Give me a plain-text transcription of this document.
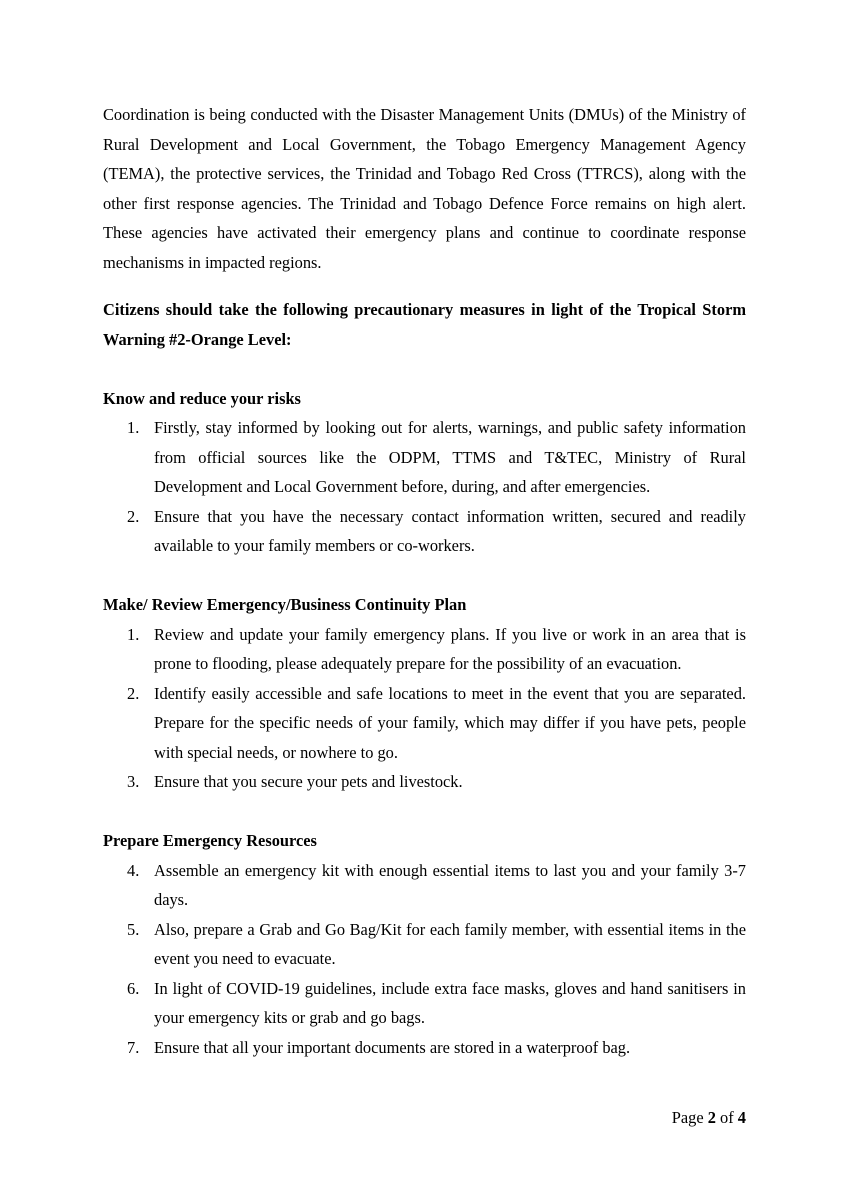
Coordination is being conducted with the Disaster Management Units (DMUs) of the Ministry of Rural Development and Local Government, the Tobago Emergency Management Agency (TEMA), the protective services, the Trinidad and Tobago Red Cross (TTRCS), along with the other first response agencies. The Trinidad and Tobago Defence Force remains on high alert. These agencies have activated their emergency plans and continue to coordinate response mechanisms in impacted regions.

Citizens should take the following precautionary measures in light of the Tropical Storm Warning #2-Orange Level:

Know and reduce your risks

1. Firstly, stay informed by looking out for alerts, warnings, and public safety information from official sources like the ODPM, TTMS and T&TEC, Ministry of Rural Development and Local Government before, during, and after emergencies.
2. Ensure that you have the necessary contact information written, secured and readily available to your family members or co-workers.

Make/ Review Emergency/Business Continuity Plan

1. Review and update your family emergency plans. If you live or work in an area that is prone to flooding, please adequately prepare for the possibility of an evacuation.
2. Identify easily accessible and safe locations to meet in the event that you are separated. Prepare for the specific needs of your family, which may differ if you have pets, people with special needs, or nowhere to go.
3. Ensure that you secure your pets and livestock.

Prepare Emergency Resources

4. Assemble an emergency kit with enough essential items to last you and your family 3-7 days.
5. Also, prepare a Grab and Go Bag/Kit for each family member, with essential items in the event you need to evacuate.
6. In light of COVID-19 guidelines, include extra face masks, gloves and hand sanitisers in your emergency kits or grab and go bags.
7. Ensure that all your important documents are stored in a waterproof bag.
Page 2 of 4
